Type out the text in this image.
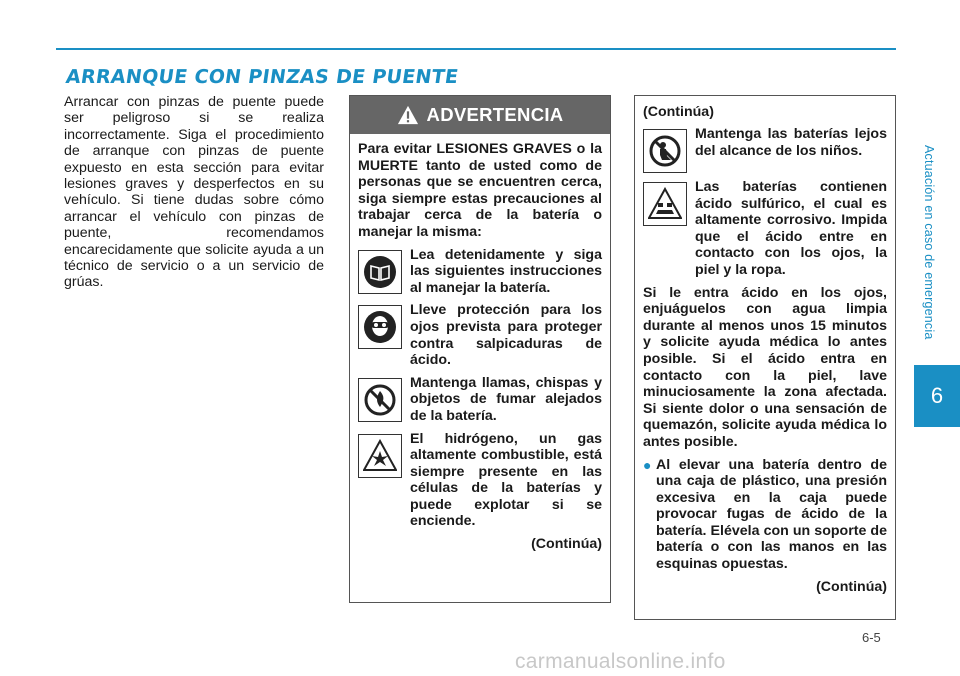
ARRANQUE CON PINZAS DE PUENTE
Arrancar con pinzas de puente puede ser peligroso si se realiza incorrectamente. Siga el procedimiento de arranque con pinzas de puente expuesto en esta sección para evitar lesiones graves y desperfectos en su vehículo. Si tiene dudas sobre cómo arrancar el vehículo con pinzas de puente, recomendamos encarecidamente que solicite ayuda a un técnico de servicio o a un servicio de grúas.	Actuación en caso de emergencia
6
ADVERTENCIA
Para evitar LESIONES GRAVES o la MUERTE tanto de usted como de personas que se encuentren cerca, siga siempre estas precauciones al trabajar cerca de la batería o manejar la misma:
Lea detenidamente y siga las siguientes instrucciones al manejar la batería.
Lleve protección para los ojos prevista para proteger contra salpicaduras de ácido.
Mantenga llamas, chispas y objetos de fumar alejados de la batería.
El hidrógeno, un gas altamente combustible, está siempre presente en las células de la baterías y puede explotar si se enciende.
(Continúa)
(Continúa)
Mantenga las baterías lejos del alcance de los niños.
Las baterías contienen ácido sulfúrico, el cual es altamente corrosivo. Impida que el ácido entre en contacto con los ojos, la piel y la ropa.
Si le entra ácido en los ojos, enjuáguelos con agua limpia durante al menos unos 15 minutos y solicite ayuda médica lo antes posible. Si el ácido entra en contacto con la piel, lave minuciosamente la zona afectada. Si siente dolor o una sensación de quemazón, solicite ayuda médica lo antes posible.
● Al elevar una batería dentro de una caja de plástico, una presión excesiva en la caja puede provocar fugas de ácido de la batería. Elévela con un soporte de batería o con las manos en las esquinas opuestas.
(Continúa)
6-5
carmanualsonline.info
